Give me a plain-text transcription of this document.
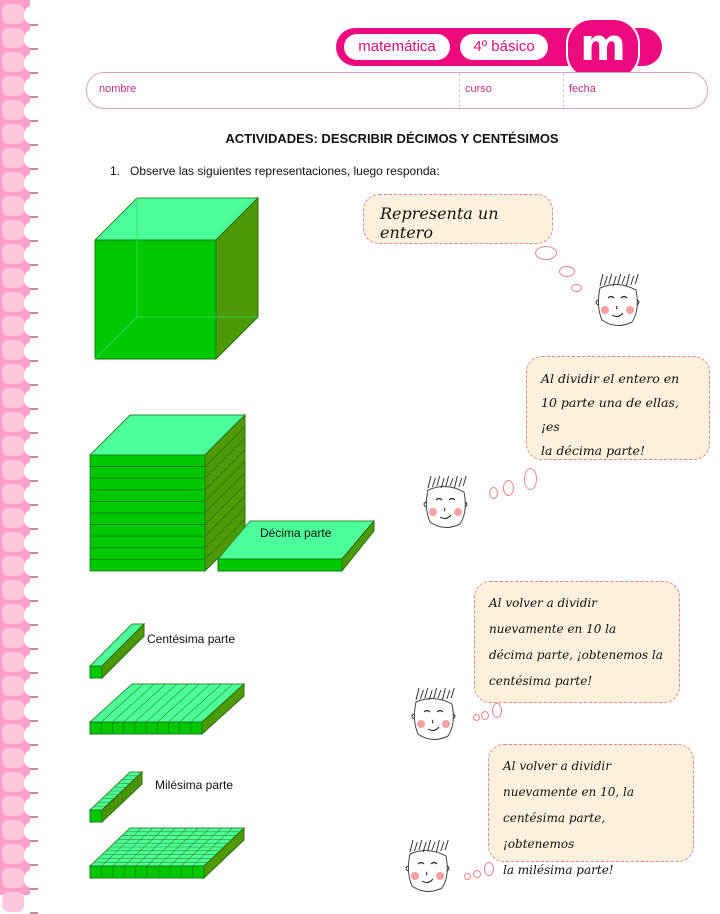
matemática	4º básico	m
nombre	curso	fecha
ACTIVIDADES: DESCRIBIR DÉCIMOS Y CENTÉSIMOS
1. Observe las siguientes representaciones, luego responda:
Décima parte
Centésima parte
Milésima parte
Representa un entero
Al dividir el entero en
10 parte una de ellas, ¡es
la décima parte!
Al volver a dividir
nuevamente en 10 la
décima parte, ¡obtenemos la
centésima parte!
Al volver a dividir
nuevamente en 10, la
centésima parte, ¡obtenemos
la milésima parte!
